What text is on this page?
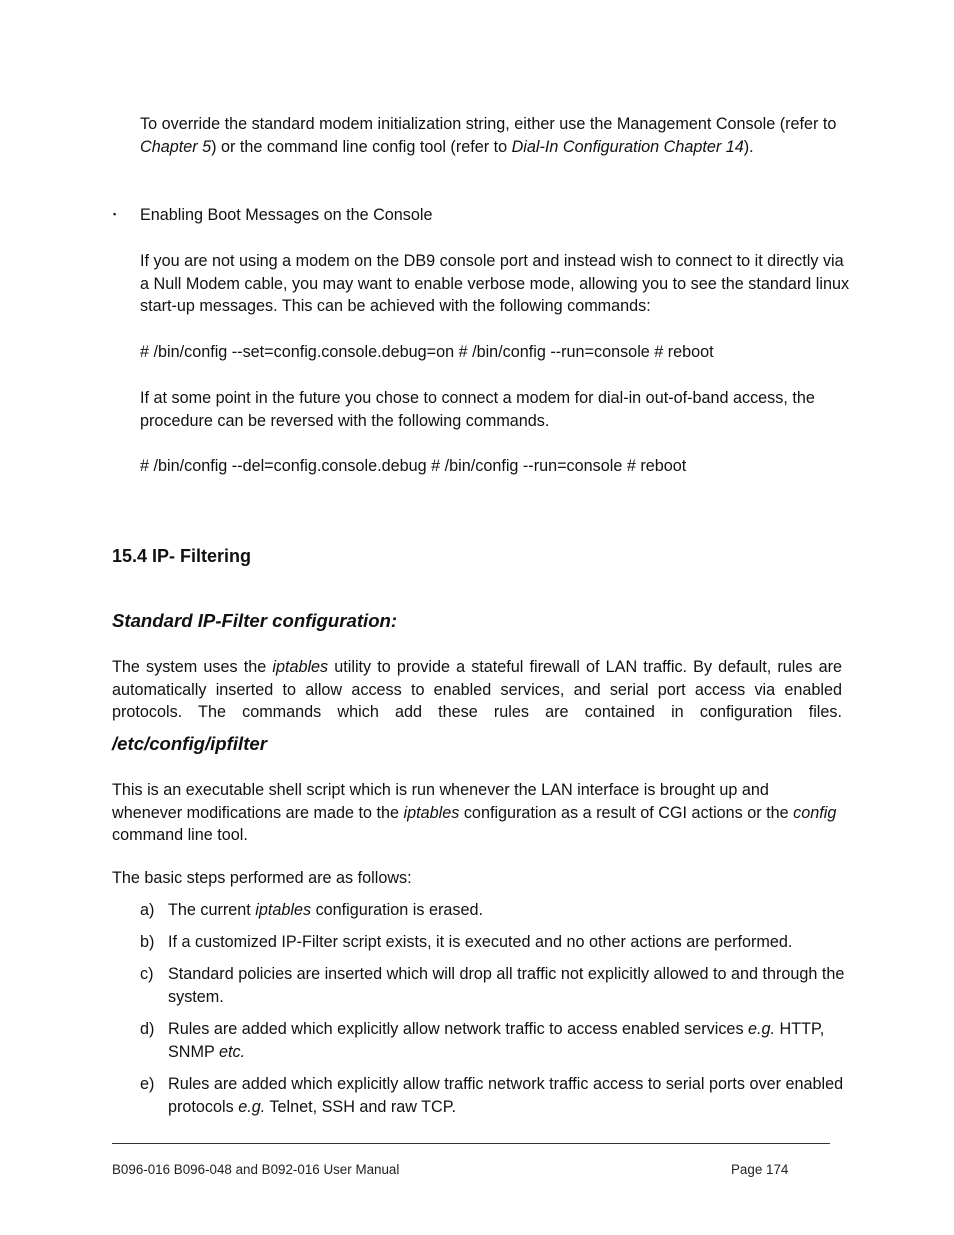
To override the standard modem initialization string, either use the Management Console (refer to Chapter 5) or the command line config tool (refer to Dial-In Configuration Chapter 14).

▪ Enabling Boot Messages on the Console

If you are not using a modem on the DB9 console port and instead wish to connect to it directly via a Null Modem cable, you may want to enable verbose mode, allowing you to see the standard linux start-up messages. This can be achieved with the following commands:

# /bin/config --set=config.console.debug=on # /bin/config --run=console # reboot

If at some point in the future you chose to connect a modem for dial-in out-of-band access, the procedure can be reversed with the following commands.

# /bin/config --del=config.console.debug # /bin/config --run=console # reboot

15.4 IP- Filtering
Standard IP-Filter configuration:

The system uses the iptables utility to provide a stateful firewall of LAN traffic. By default, rules are automatically inserted to allow access to enabled services, and serial port access via enabled protocols. The commands which add these rules are contained in configuration files.

/etc/config/ipfilter

This is an executable shell script which is run whenever the LAN interface is brought up and whenever modifications are made to the iptables configuration as a result of CGI actions or the config command line tool.

The basic steps performed are as follows:

a) The current iptables configuration is erased.
b) If a customized IP-Filter script exists, it is executed and no other actions are performed.
c) Standard policies are inserted which will drop all traffic not explicitly allowed to and through the system.
d) Rules are added which explicitly allow network traffic to access enabled services e.g. HTTP, SNMP etc.
e) Rules are added which explicitly allow traffic network traffic access to serial ports over enabled protocols e.g. Telnet, SSH and raw TCP.
B096-016 B096-048 and B092-016 User Manual	Page 174
